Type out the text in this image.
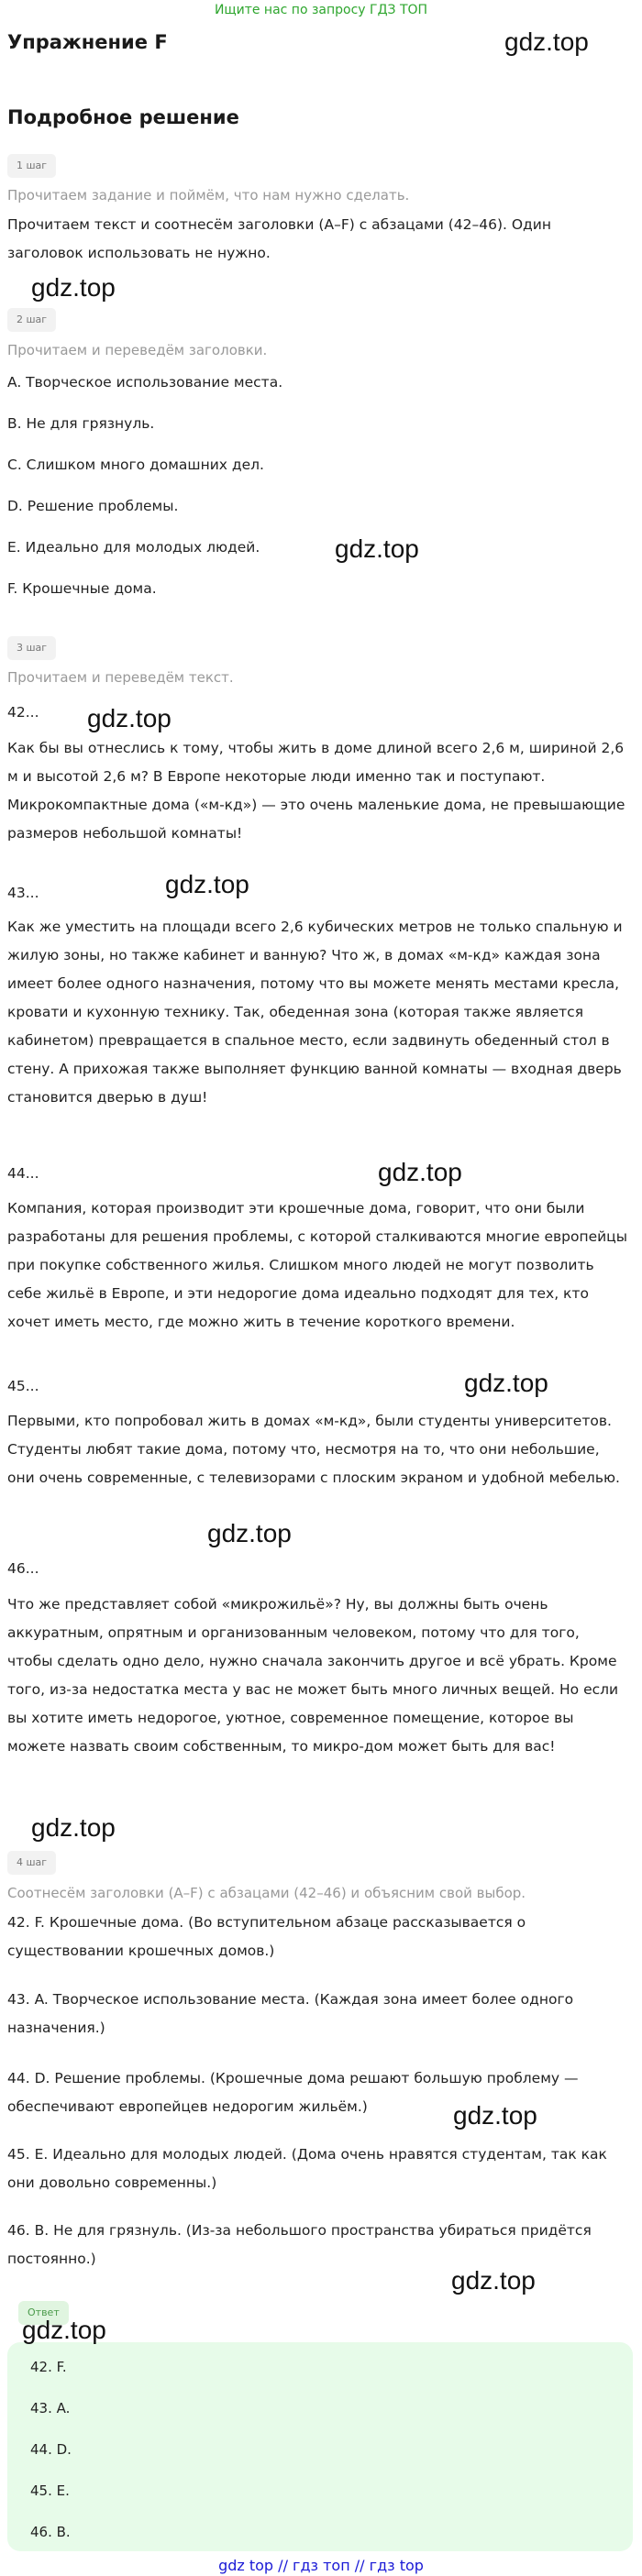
Ищите нас по запросу ГДЗ ТОП
Упражнение F	gdz.top
Подробное решение
1 шаг
Прочитаем задание и поймём, что нам нужно сделать.
Прочитаем текст и соотнесём заголовки (A–F) с абзацами (42–46). Один заголовок использовать не нужно.
gdz.top
2 шаг
Прочитаем и переведём заголовки.
A. Творческое использование места.
B. Не для грязнуль.
C. Слишком много домашних дел.
D. Решение проблемы.
E. Идеально для молодых людей.	gdz.top
F. Крошечные дома.
3 шаг
Прочитаем и переведём текст.
42... gdz.top
Как бы вы отнеслись к тому, чтобы жить в доме длиной всего 2,6 м, шириной 2,6 м и высотой 2,6 м? В Европе некоторые люди именно так и поступают. Микрокомпактные дома («м-кд») — это очень маленькие дома, не превышающие размеров небольшой комнаты!
43...	gdz.top
Как же уместить на площади всего 2,6 кубических метров не только спальную и жилую зоны, но также кабинет и ванную? Что ж, в домах «м-кд» каждая зона имеет более одного назначения, потому что вы можете менять местами кресла, кровати и кухонную технику. Так, обеденная зона (которая также является кабинетом) превращается в спальное место, если задвинуть обеденный стол в стену. А прихожая также выполняет функцию ванной комнаты — входная дверь становится дверью в душ!
44...	gdz.top
Компания, которая производит эти крошечные дома, говорит, что они были разработаны для решения проблемы, с которой сталкиваются многие европейцы при покупке собственного жилья. Слишком много людей не могут позволить себе жильё в Европе, и эти недорогие дома идеально подходят для тех, кто хочет иметь место, где можно жить в течение короткого времени.
45...	gdz.top
Первыми, кто попробовал жить в домах «м-кд», были студенты университетов. Студенты любят такие дома, потому что, несмотря на то, что они небольшие, они очень современные, с телевизорами с плоским экраном и удобной мебелью.
gdz.top
46...
Что же представляет собой «микрожильё»? Ну, вы должны быть очень аккуратным, опрятным и организованным человеком, потому что для того, чтобы сделать одно дело, нужно сначала закончить другое и всё убрать. Кроме того, из-за недостатка места у вас не может быть много личных вещей. Но если вы хотите иметь недорогое, уютное, современное помещение, которое вы можете назвать своим собственным, то микро-дом может быть для вас!
gdz.top
4 шаг
Соотнесём заголовки (A–F) с абзацами (42–46) и объясним свой выбор.
42. F. Крошечные дома. (Во вступительном абзаце рассказывается о существовании крошечных домов.)
43. A. Творческое использование места. (Каждая зона имеет более одного назначения.)
44. D. Решение проблемы. (Крошечные дома решают большую проблему — обеспечивают европейцев недорогим жильём.)	gdz.top
45. E. Идеально для молодых людей. (Дома очень нравятся студентам, так как они довольно современны.)
46. B. Не для грязнуль. (Из-за небольшого пространства убираться придётся постоянно.)
gdz.top
Ответ
gdz.top
42. F.
43. A.
44. D.
45. E.
46. B.
gdz top // гдз топ // гдз top
